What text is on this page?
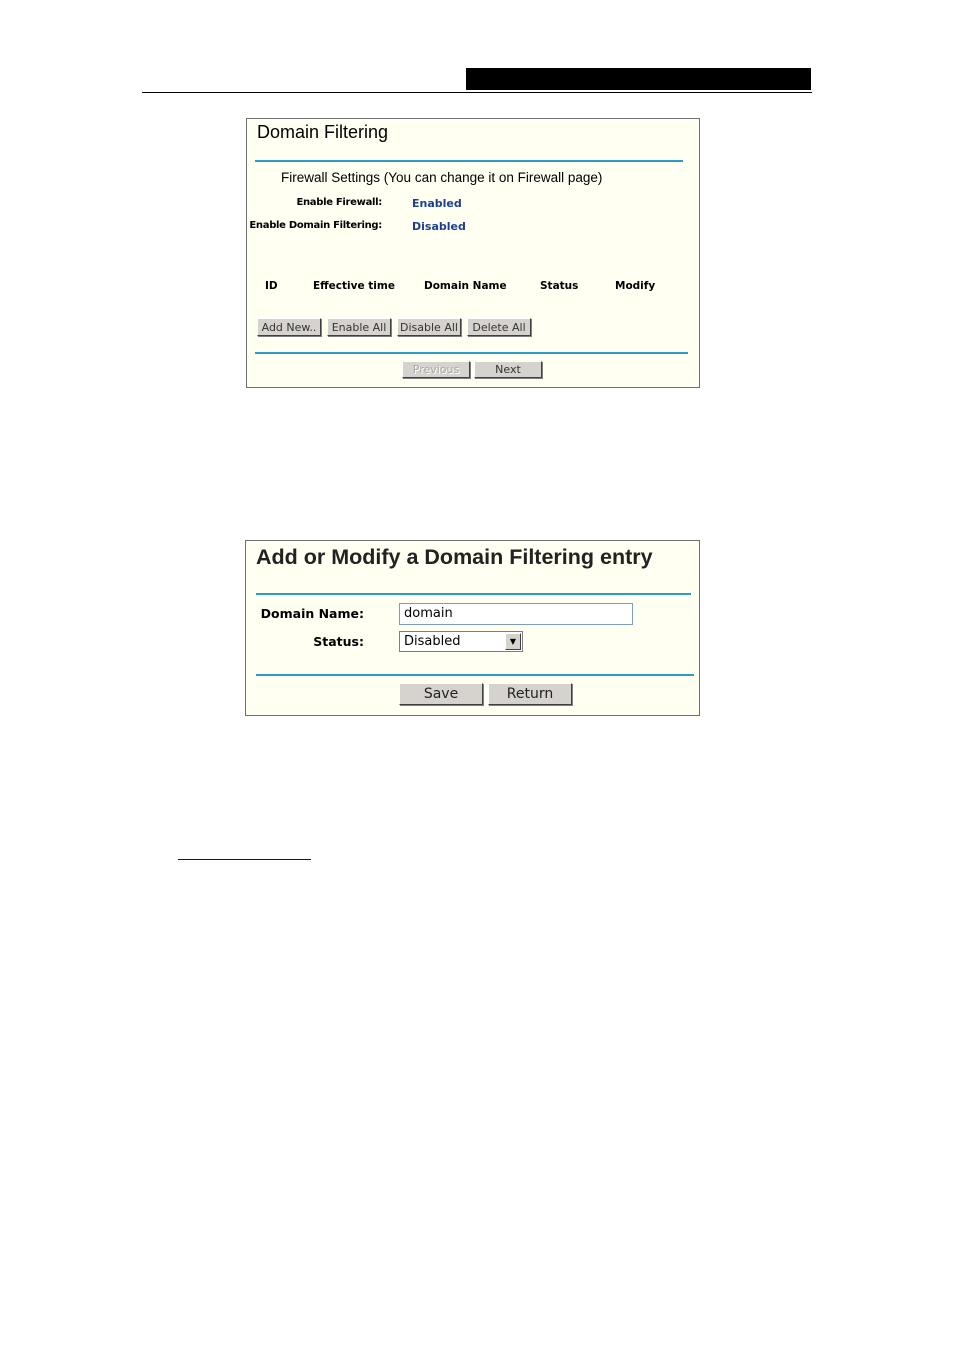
Domain Filtering
Firewall Settings (You can change it on Firewall page)
Enable Firewall:	Enabled
Enable Domain Filtering:	Disabled
ID	Effective time	Domain Name	Status	Modify
Add New..	Enable All	Disable All	Delete All
Previous	Next
Add or Modify a Domain Filtering entry
Domain Name:	domain
Status:	Disabled	▼
Save	Return
